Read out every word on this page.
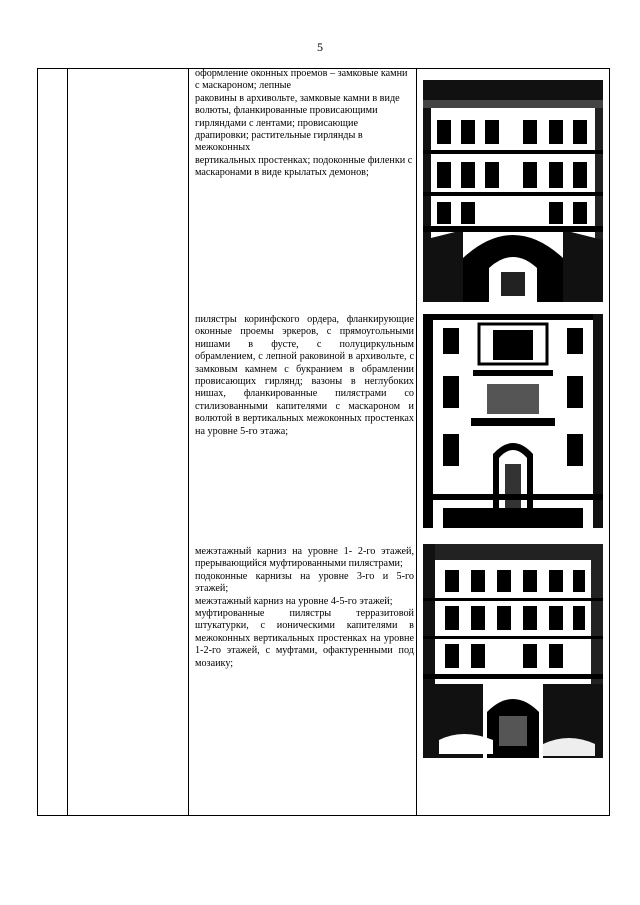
5

оформление оконных проемов – замковые камни с маскароном; лепные
раковины в архивольте, замковые камни в виде волюты, фланкированные провисающими гирляндами с лентами; провисающие драпировки; растительные гирлянды в межоконных
вертикальных простенках; подоконные филенки с маскаронами в виде крылатых демонов;
пилястры коринфского ордера, фланкирующие оконные проемы эркеров, с прямоугольными нишами в фусте, с полуциркульным обрамлением, с лепной раковиной в архивольте, с замковым камнем с букранием в обрамлении провисающих гирлянд; вазоны в неглубоких нишах, фланкированные пилястрами со стилизованными капителями с маскароном и волютой в вертикальных межоконных простенках на уровне 5-го этажа;
межэтажный карниз на уровне 1- 2-го этажей, прерывающийся муфтированными пилястрами;
подоконные карнизы на уровне 3-го и 5-го этажей;
межэтажный карниз на уровне 4-5-го этажей;
муфтированные пилястры терразитовой штукатурки, с ионическими капителями в межоконных вертикальных простенках на уровне 1-2-го этажей, с муфтами, офактуренными под мозаику;
